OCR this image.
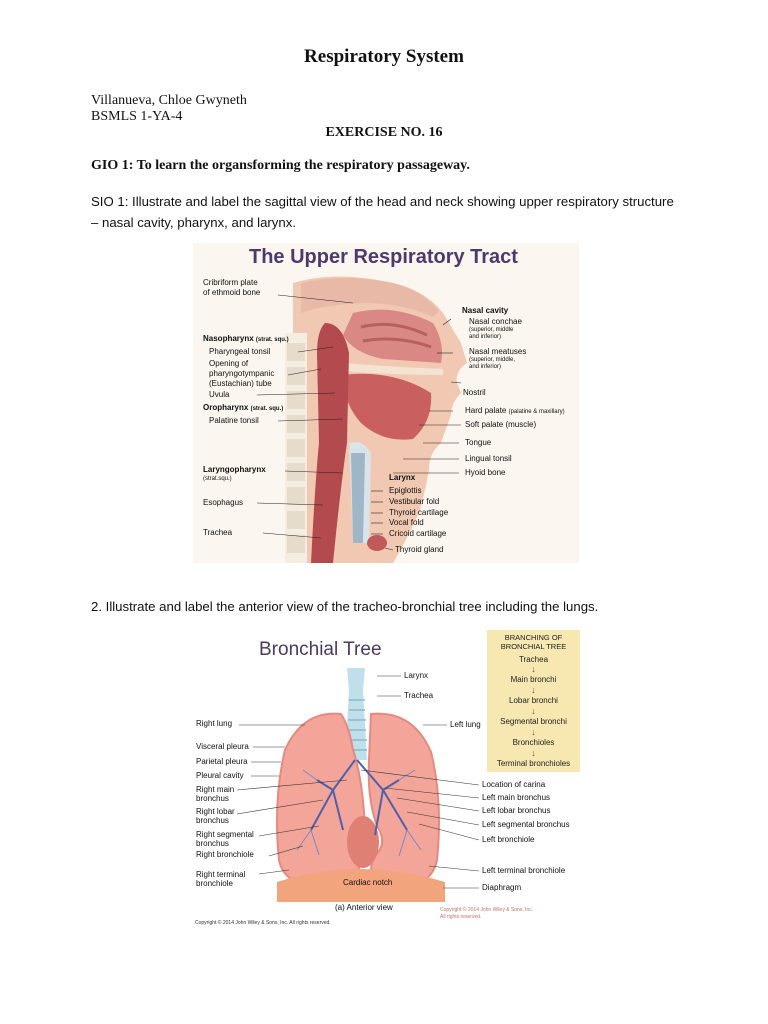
Respiratory System
Villanueva, Chloe Gwyneth
BSMLS 1-YA-4
EXERCISE NO. 16
GIO 1: To learn the organsforming the respiratory passageway.
SIO 1: Illustrate and label the sagittal view of the head and neck showing upper respiratory structure – nasal cavity, pharynx, and larynx.
The Upper Respiratory Tract
Cribriform plate
of ethmoid bone
Nasopharynx (strat. squ.)
Pharyngeal tonsil
Opening of
pharyngotympanic
(Eustachian) tube
Uvula
Oropharynx (strat. squ.)
Palatine tonsil
Laryngopharynx
(strat.squ.)
Esophagus
Trachea
Nasal cavity
Nasal conchae
(superior, middle
and inferior)
Nasal meatuses
(superior, middle,
and inferior)
Nostril
Hard palate (palatine & maxillary)
Soft palate (muscle)
Tongue
Lingual tonsil
Hyoid bone
Larynx
Epiglottis
Vestibular fold
Thyroid cartilage
Vocal fold
Cricoid cartilage
Thyroid gland
2. Illustrate and label the anterior view of the tracheo-bronchial tree including the lungs.
Bronchial Tree
Right lung
Visceral pleura
Parietal pleura
Pleural cavity
Right main
bronchus
Right lobar
bronchus
Right segmental
bronchus
Right bronchiole
Right terminal
bronchiole
Larynx
Trachea
Left lung
Location of carina
Left main bronchus
Left lobar bronchus
Left segmental bronchus
Left bronchiole
Left terminal bronchiole
Diaphragm
Cardiac notch
(a) Anterior view
Copyright © 2014 John Wiley & Sons, Inc. All rights reserved.
Copyright © 2014 John Wiley & Sons, Inc.
All rights reserved.
BRANCHING OF
BRONCHIAL TREE
Trachea
↓
Main bronchi
↓
Lobar bronchi
↓
Segmental bronchi
↓
Bronchioles
↓
Terminal bronchioles
